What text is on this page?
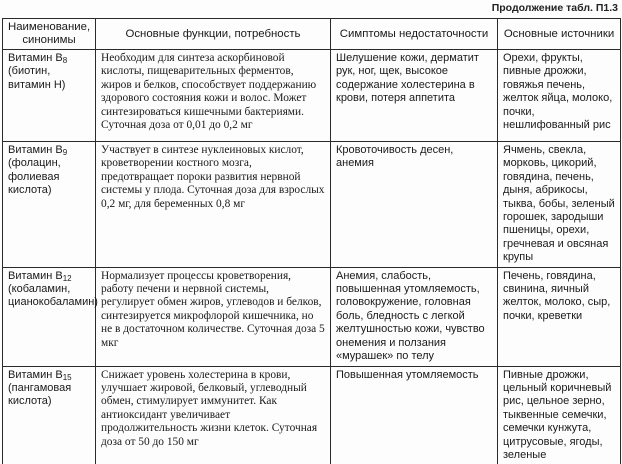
Продолжение табл. П1.3
Наименование, синонимы	Основные функции, потребность	Симптомы недостаточности	Основные источники
Витамин $B_8$
(биотин, витамин H)	Необходим для синтеза аскорбиновой кислоты, пищеварительных ферментов, жиров и белков, способствует поддержанию здорового состояния кожи и волос. Может синтезироваться кишечными бактериями. Суточная доза от 0,01 до 0,2 мг	Шелушение кожи, дерматит рук, ног, щек, высокое содержание холестерина в крови, потеря аппетита	Орехи, фрукты, пивные дрожжи, говяжья печень, желток яйца, молоко, почки, нешлифованный рис
Витамин $B_9$
(фолацин, фолиевая кислота)	Участвует в синтезе нуклеиновых кислот, кроветворении костного мозга, предотвращает пороки развития нервной системы у плода. Суточная доза для взрослых 0,2 мг, для беременных 0,8 мг	Кровоточивость десен, анемия	Ячмень, свекла, морковь, цикорий, говядина, печень, дыня, абрикосы, тыква, бобы, зеленый горошек, зародыши пшеницы, орехи, гречневая и овсяная крупы
Витамин $B_{12}$
(кобаламин, цианокобаламин)	Нормализует процессы кроветворения, работу печени и нервной системы, регулирует обмен жиров, углеводов и белков, синтезируется микрофлорой кишечника, но не в достаточном количестве. Суточная доза 5 мкг	Анемия, слабость, повышенная утомляемость, головокружение, головная боль, бледность с легкой желтушностью кожи, чувство онемения и ползания «мурашек» по телу	Печень, говядина, свинина, яичный желток, молоко, сыр, почки, креветки
Витамин $B_{15}$
(пангамовая кислота)	Снижает уровень холестерина в крови, улучшает жировой, белковый, углеводный обмен, стимулирует иммунитет. Как антиоксидант увеличивает продолжительность жизни клеток. Суточная доза от 50 до 150 мг	Повышенная утомляемость	Пивные дрожжи, цельный коричневый рис, цельное зерно, тыквенные семечки, семечки кунжута, цитрусовые, ягоды, зеленые
